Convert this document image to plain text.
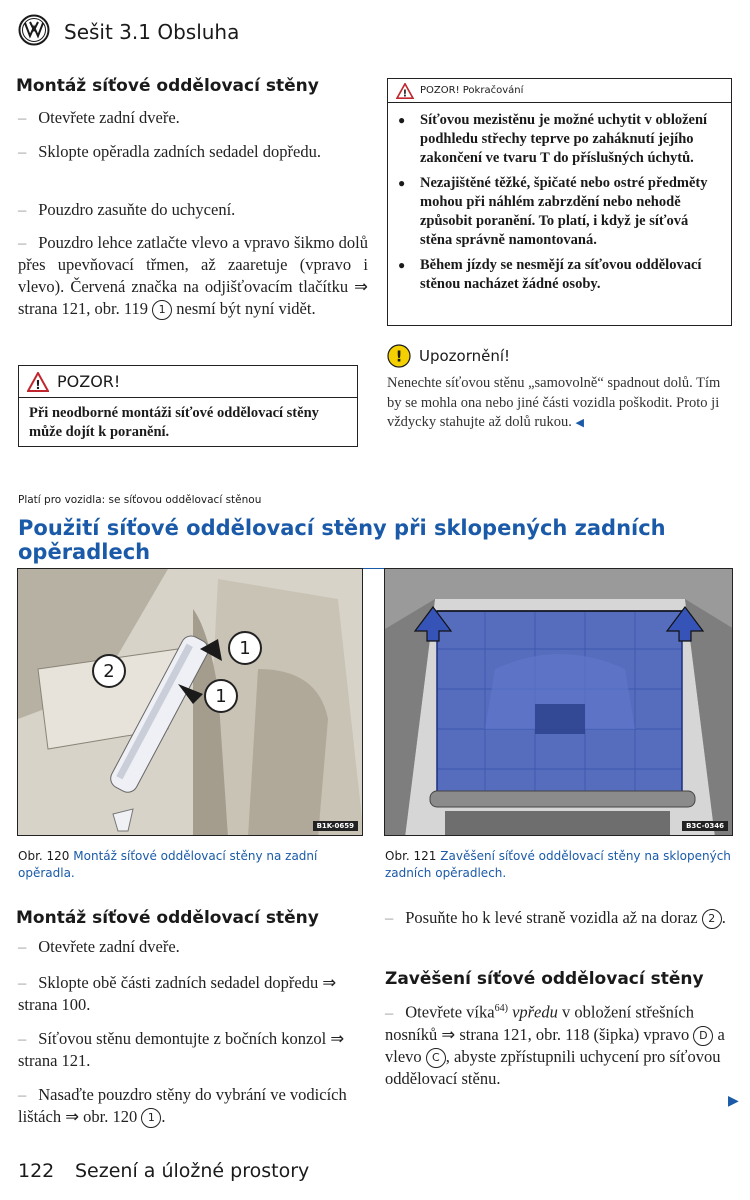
Sešit 3.1 Obsluha
Montáž síťové oddělovací stěny
– Otevřete zadní dveře.
– Sklopte opěradla zadních sedadel dopředu.
– Pouzdro zasuňte do uchycení.
– Pouzdro lehce zatlačte vlevo a vpravo šikmo dolů přes upevňovací třmen, až zaaretuje (vpravo i vlevo). Červená značka na odjišťovacím tlačítku ⇒ strana 121, obr. 119 1 nesmí být nyní vidět.
! POZOR!
Při neodborné montáži síťové oddělovací stěny může dojít k poranění.
! POZOR! Pokračování
● Síťovou mezistěnu je možné uchytit v obložení podhledu střechy teprve po zaháknutí jejího zakončení ve tvaru T do příslušných úchytů.
● Nezajištěné těžké, špičaté nebo ostré předměty mohou při náhlém zabrzdění nebo nehodě způsobit poranění. To platí, i když je síťová stěna správně namontovaná.
● Během jízdy se nesmějí za síťovou oddělovací stěnou nacházet žádné osoby.
! Upozornění!
Nenechte síťovou stěnu „samovolně“ spadnout dolů. Tím by se mohla ona nebo jiné části vozidla poškodit. Proto ji vždycky stahujte až dolů rukou. ◀
Platí pro vozidla: se síťovou oddělovací stěnou
Použití síťové oddělovací stěny při sklopených zadních opěradlech
1
1
2
B1K-0659
Obr. 120 Montáž síťové oddělovací stěny na zadní opěradla.
B3C-0346
Obr. 121 Zavěšení síťové oddělovací stěny na sklopených zadních opěradlech.
Montáž síťové oddělovací stěny
– Otevřete zadní dveře.
– Sklopte obě části zadních sedadel dopředu ⇒ strana 100.
– Síťovou stěnu demontujte z bočních konzol ⇒ strana 121.
– Nasaďte pouzdro stěny do vybrání ve vodicích lištách ⇒ obr. 120 1 .
– Posuňte ho k levé straně vozidla až na doraz 2 .
Zavěšení síťové oddělovací stěny
– Otevřete víka$^{64)}$ vpředu v obložení střešních nosníků ⇒ strana 121, obr. 118 (šipka) vpravo D a vlevo C , abyste zpřístupnili uchycení pro síťovou oddělovací stěnu.
▶
122 Sezení a úložné prostory
